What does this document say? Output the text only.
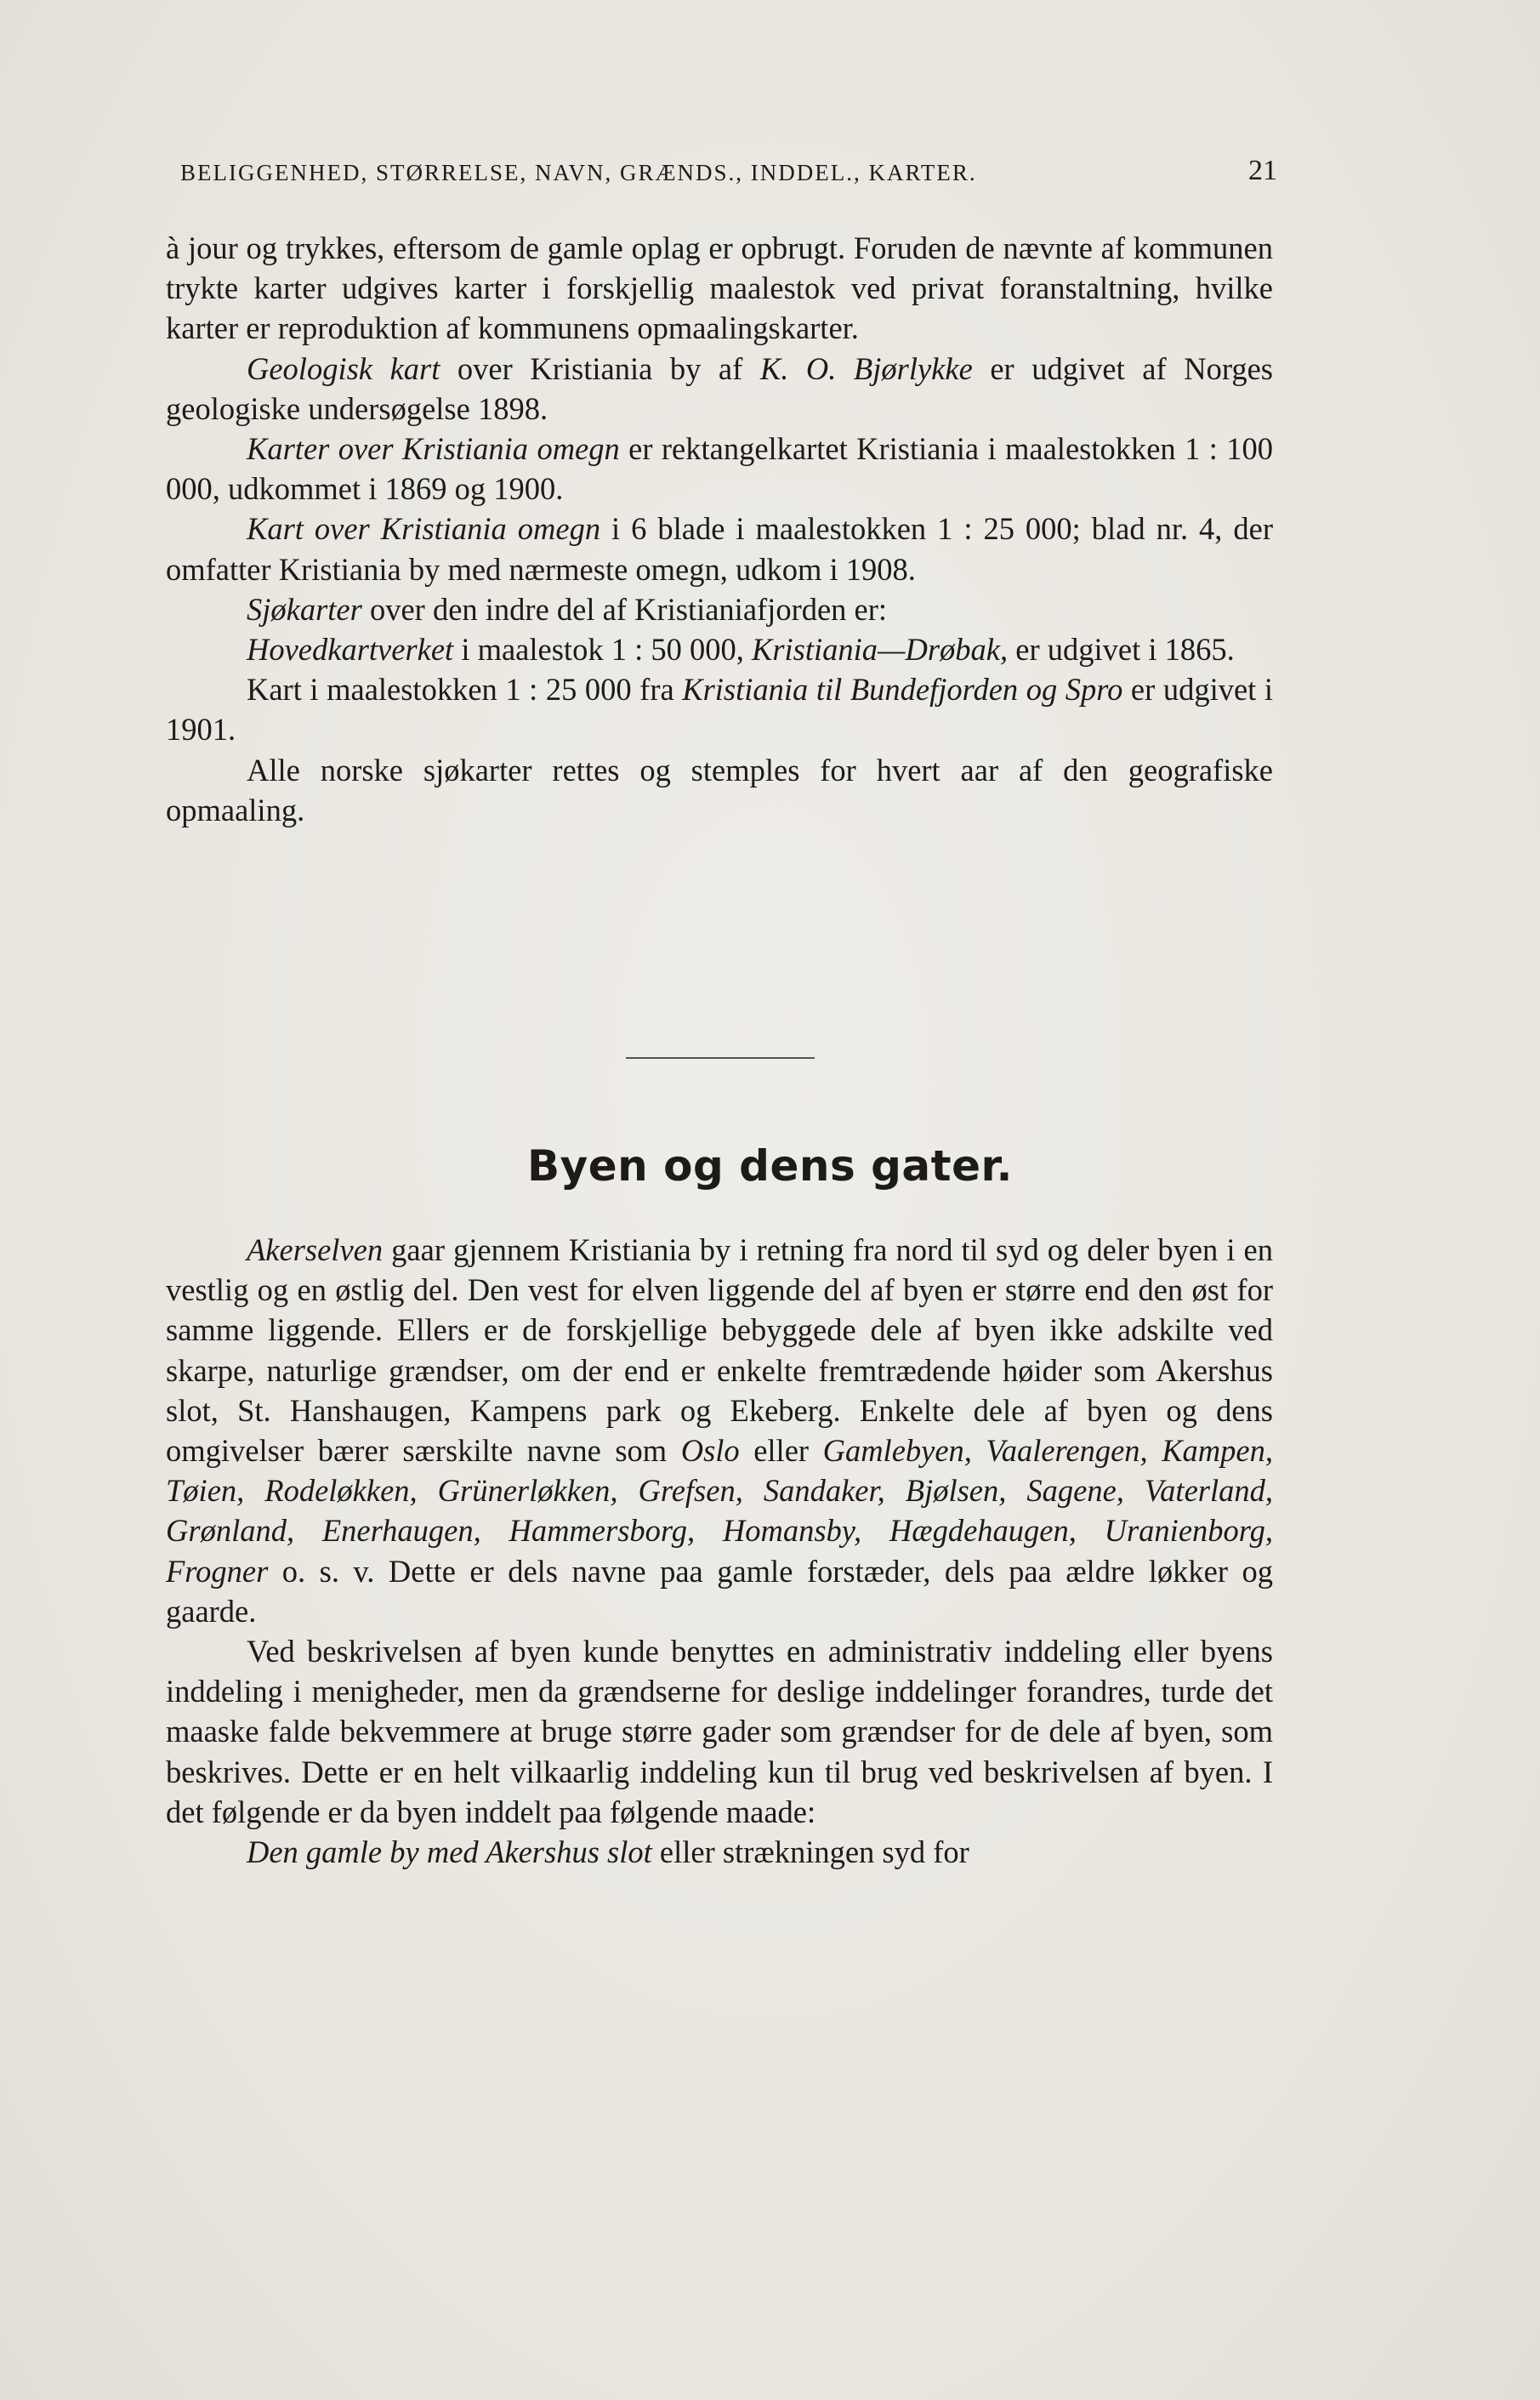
BELIGGENHED, STØRRELSE, NAVN, GRÆNDS., INDDEL., KARTER.	21

à jour og trykkes, eftersom de gamle oplag er opbrugt. Foruden de nævnte af kommunen trykte karter udgives karter i forskjellig maalestok ved privat foranstaltning, hvilke karter er reproduktion af kommunens opmaalingskarter.

Geologisk kart over Kristiania by af K. O. Bjørlykke er udgivet af Norges geologiske undersøgelse 1898.

Karter over Kristiania omegn er rektangelkartet Kristiania i maalestokken 1 : 100 000, udkommet i 1869 og 1900.

Kart over Kristiania omegn i 6 blade i maalestokken 1 : 25 000; blad nr. 4, der omfatter Kristiania by med nærmeste omegn, udkom i 1908.

Sjøkarter over den indre del af Kristianiafjorden er:

Hovedkartverket i maalestok 1 : 50 000, Kristiania—Drøbak, er udgivet i 1865.

Kart i maalestokken 1 : 25 000 fra Kristiania til Bundefjorden og Spro er udgivet i 1901.

Alle norske sjøkarter rettes og stemples for hvert aar af den geografiske opmaaling.

Byen og dens gater.

Akerselven gaar gjennem Kristiania by i retning fra nord til syd og deler byen i en vestlig og en østlig del. Den vest for elven liggende del af byen er større end den øst for samme liggende. Ellers er de forskjellige bebyggede dele af byen ikke adskilte ved skarpe, naturlige grændser, om der end er enkelte fremtrædende høider som Akershus slot, St. Hanshaugen, Kampens park og Ekeberg. Enkelte dele af byen og dens omgivelser bærer særskilte navne som Oslo eller Gamlebyen, Vaalerengen, Kampen, Tøien, Rodeløkken, Grünerløkken, Grefsen, Sandaker, Bjølsen, Sagene, Vaterland, Grønland, Enerhaugen, Hammersborg, Homansby, Hægdehaugen, Uranienborg, Frogner o. s. v. Dette er dels navne paa gamle forstæder, dels paa ældre løkker og gaarde.

Ved beskrivelsen af byen kunde benyttes en administrativ inddeling eller byens inddeling i menigheder, men da grændserne for deslige inddelinger forandres, turde det maaske falde bekvemmere at bruge større gader som grændser for de dele af byen, som beskrives. Dette er en helt vilkaarlig inddeling kun til brug ved beskrivelsen af byen. I det følgende er da byen inddelt paa følgende maade:

Den gamle by med Akershus slot eller strækningen syd for
